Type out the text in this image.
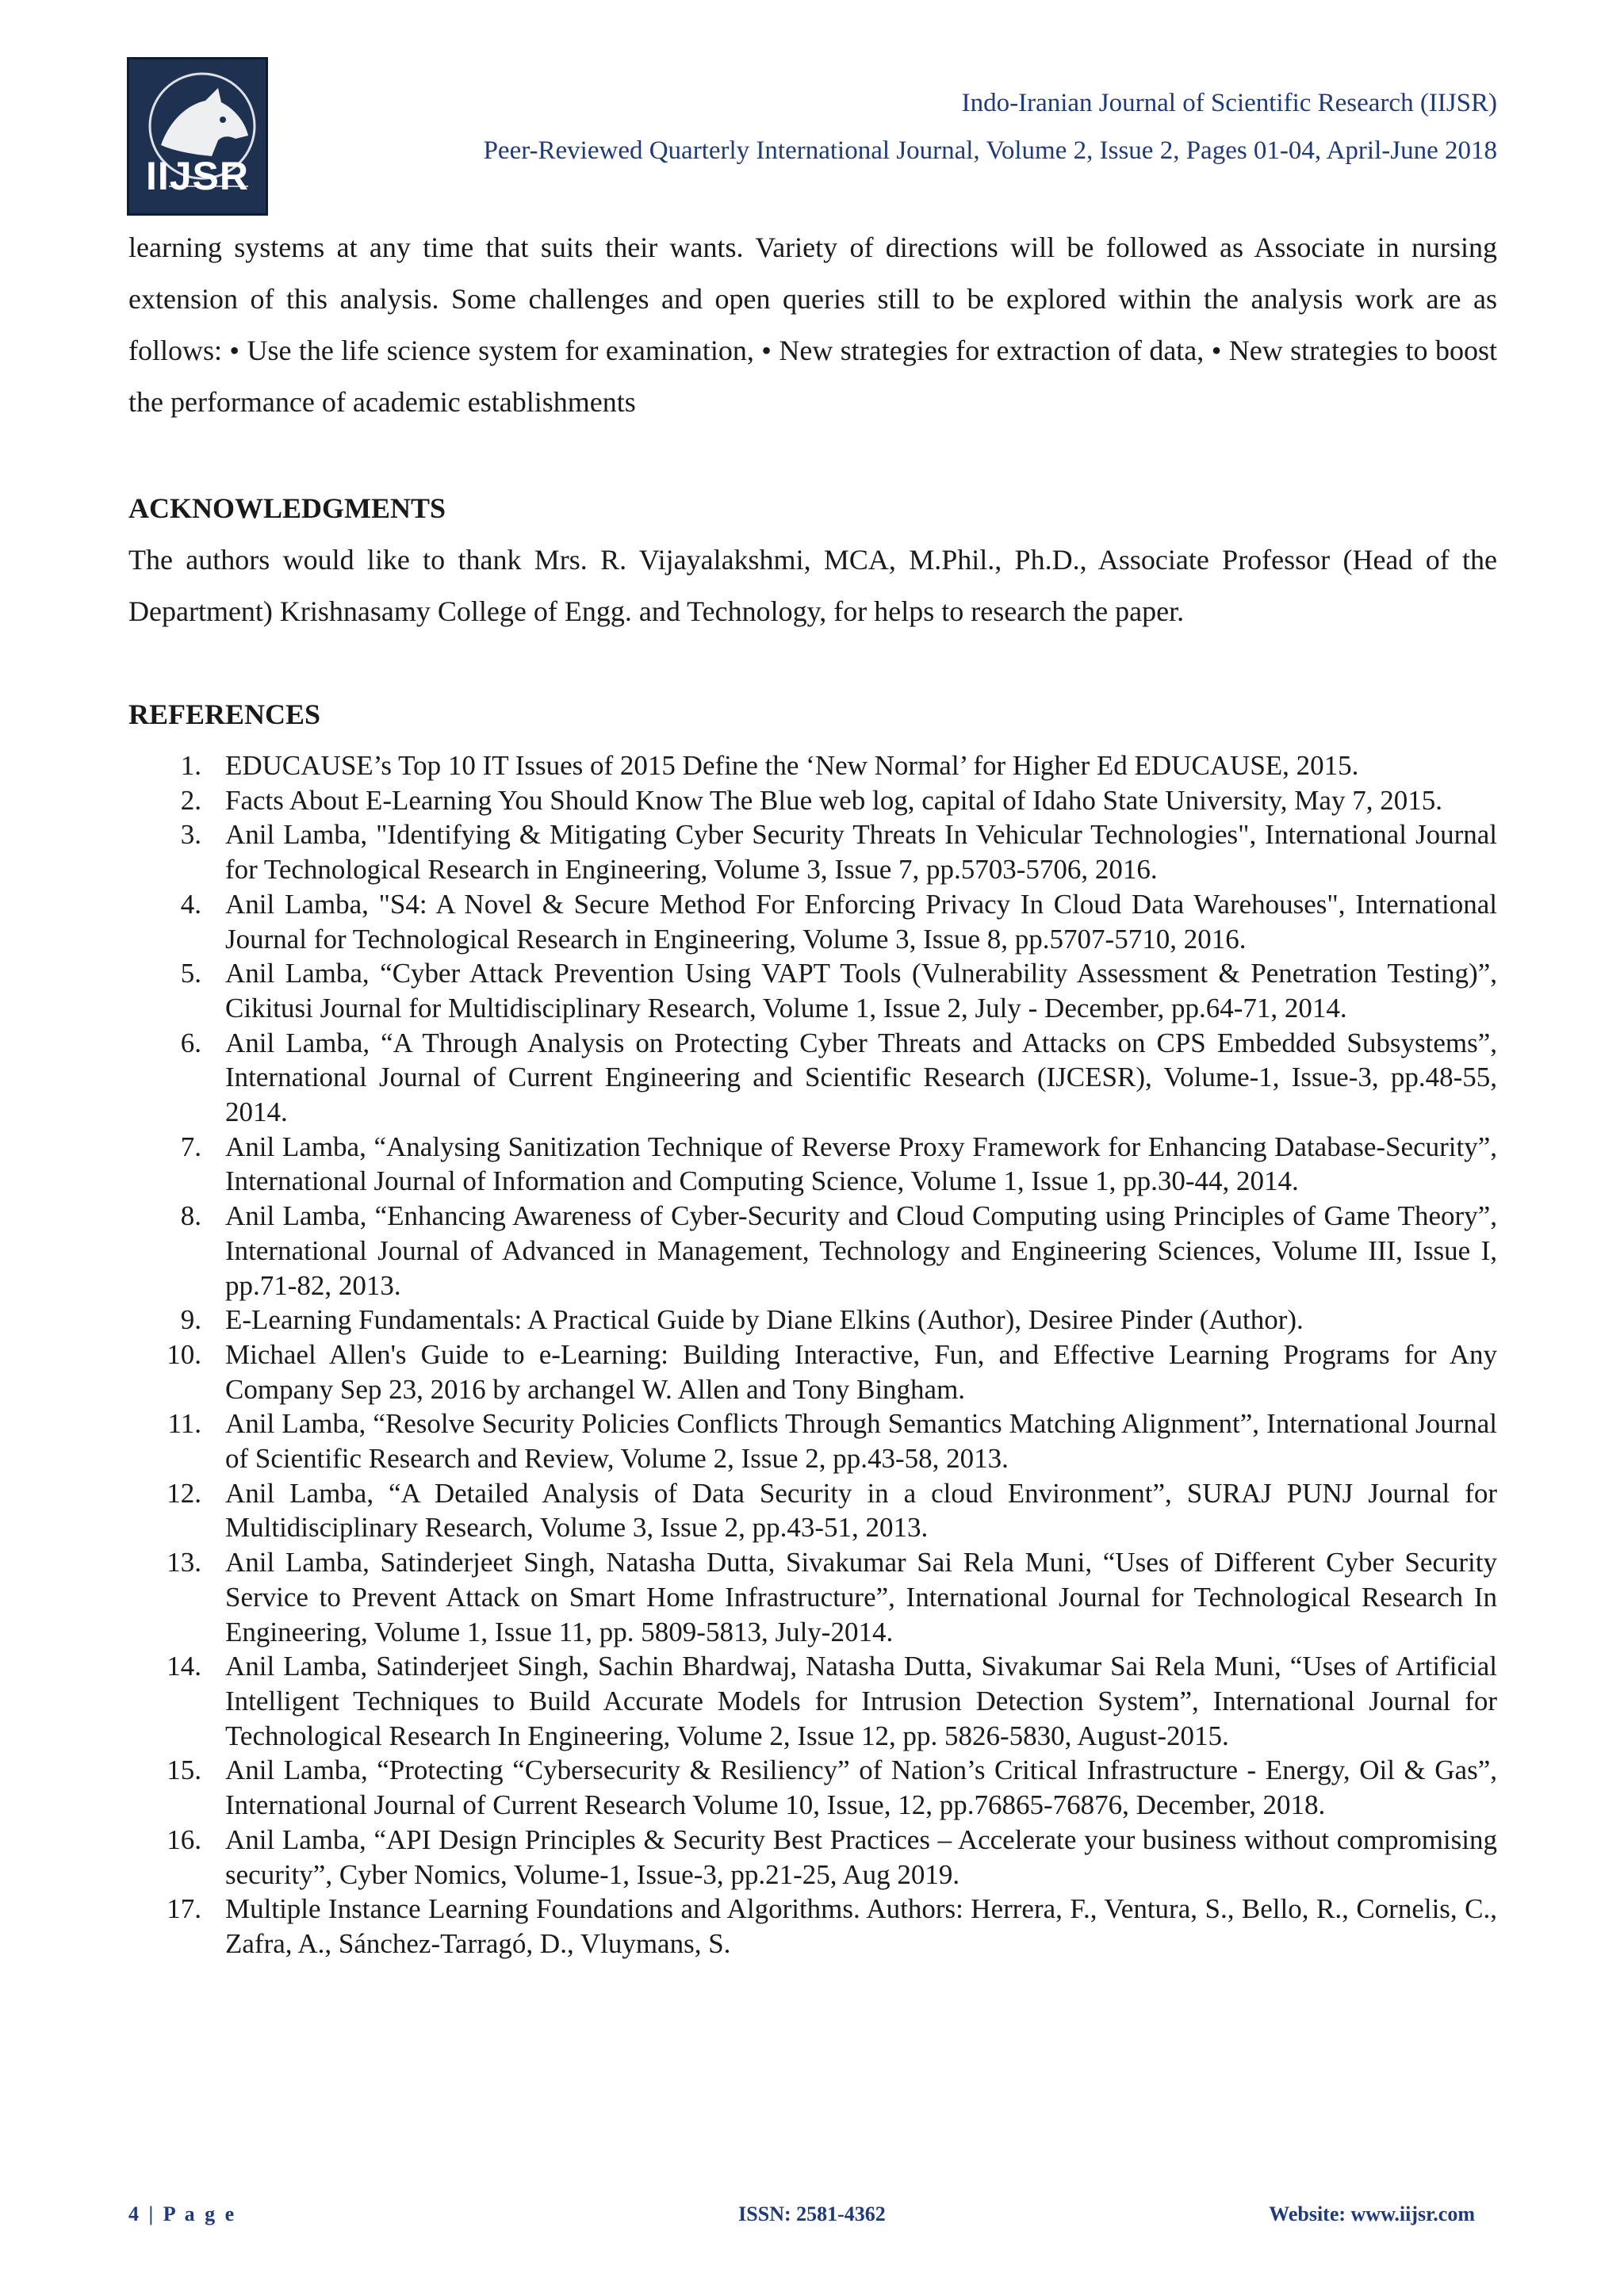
IIJSR
Indo-Iranian Journal of Scientific Research (IIJSR)
Peer-Reviewed Quarterly International Journal, Volume 2, Issue 2, Pages 01-04, April-June 2018
learning systems at any time that suits their wants. Variety of directions will be followed as Associate in nursing extension of this analysis. Some challenges and open queries still to be explored within the analysis work are as follows: • Use the life science system for examination, • New strategies for extraction of data, • New strategies to boost the performance of academic establishments
ACKNOWLEDGMENTS
The authors would like to thank Mrs. R. Vijayalakshmi, MCA, M.Phil., Ph.D., Associate Professor (Head of the Department) Krishnasamy College of Engg. and Technology, for helps to research the paper.
REFERENCES
1. EDUCAUSE’s Top 10 IT Issues of 2015 Define the ‘New Normal’ for Higher Ed EDUCAUSE, 2015.
2. Facts About E-Learning You Should Know The Blue web log, capital of Idaho State University, May 7, 2015.
3. Anil Lamba, "Identifying & Mitigating Cyber Security Threats In Vehicular Technologies", International Journal for Technological Research in Engineering, Volume 3, Issue 7, pp.5703-5706, 2016.
4. Anil Lamba, "S4: A Novel & Secure Method For Enforcing Privacy In Cloud Data Warehouses", International Journal for Technological Research in Engineering, Volume 3, Issue 8, pp.5707-5710, 2016.
5. Anil Lamba, “Cyber Attack Prevention Using VAPT Tools (Vulnerability Assessment & Penetration Testing)”, Cikitusi Journal for Multidisciplinary Research, Volume 1, Issue 2, July - December, pp.64-71, 2014.
6. Anil Lamba, “A Through Analysis on Protecting Cyber Threats and Attacks on CPS Embedded Subsystems”, International Journal of Current Engineering and Scientific Research (IJCESR), Volume-1, Issue-3, pp.48-55, 2014.
7. Anil Lamba, “Analysing Sanitization Technique of Reverse Proxy Framework for Enhancing Database-Security”, International Journal of Information and Computing Science, Volume 1, Issue 1, pp.30-44, 2014.
8. Anil Lamba, “Enhancing Awareness of Cyber-Security and Cloud Computing using Principles of Game Theory”, International Journal of Advanced in Management, Technology and Engineering Sciences, Volume III, Issue I, pp.71-82, 2013.
9. E-Learning Fundamentals: A Practical Guide by Diane Elkins (Author), Desiree Pinder (Author).
10. Michael Allen's Guide to e-Learning: Building Interactive, Fun, and Effective Learning Programs for Any Company Sep 23, 2016 by archangel W. Allen and Tony Bingham.
11. Anil Lamba, “Resolve Security Policies Conflicts Through Semantics Matching Alignment”, International Journal of Scientific Research and Review, Volume 2, Issue 2, pp.43-58, 2013.
12. Anil Lamba, “A Detailed Analysis of Data Security in a cloud Environment”, SURAJ PUNJ Journal for Multidisciplinary Research, Volume 3, Issue 2, pp.43-51, 2013.
13. Anil Lamba, Satinderjeet Singh, Natasha Dutta, Sivakumar Sai Rela Muni, “Uses of Different Cyber Security Service to Prevent Attack on Smart Home Infrastructure”, International Journal for Technological Research In Engineering, Volume 1, Issue 11, pp. 5809-5813, July-2014.
14. Anil Lamba, Satinderjeet Singh, Sachin Bhardwaj, Natasha Dutta, Sivakumar Sai Rela Muni, “Uses of Artificial Intelligent Techniques to Build Accurate Models for Intrusion Detection System”, International Journal for Technological Research In Engineering, Volume 2, Issue 12, pp. 5826-5830, August-2015.
15. Anil Lamba, “Protecting “Cybersecurity & Resiliency” of Nation’s Critical Infrastructure - Energy, Oil & Gas”, International Journal of Current Research Volume 10, Issue, 12, pp.76865-76876, December, 2018.
16. Anil Lamba, “API Design Principles & Security Best Practices – Accelerate your business without compromising security”, Cyber Nomics, Volume-1, Issue-3, pp.21-25, Aug 2019.
17. Multiple Instance Learning Foundations and Algorithms. Authors: Herrera, F., Ventura, S., Bello, R., Cornelis, C., Zafra, A., Sánchez-Tarragó, D., Vluymans, S.
4 | P a g e	ISSN: 2581-4362	Website: www.iijsr.com
